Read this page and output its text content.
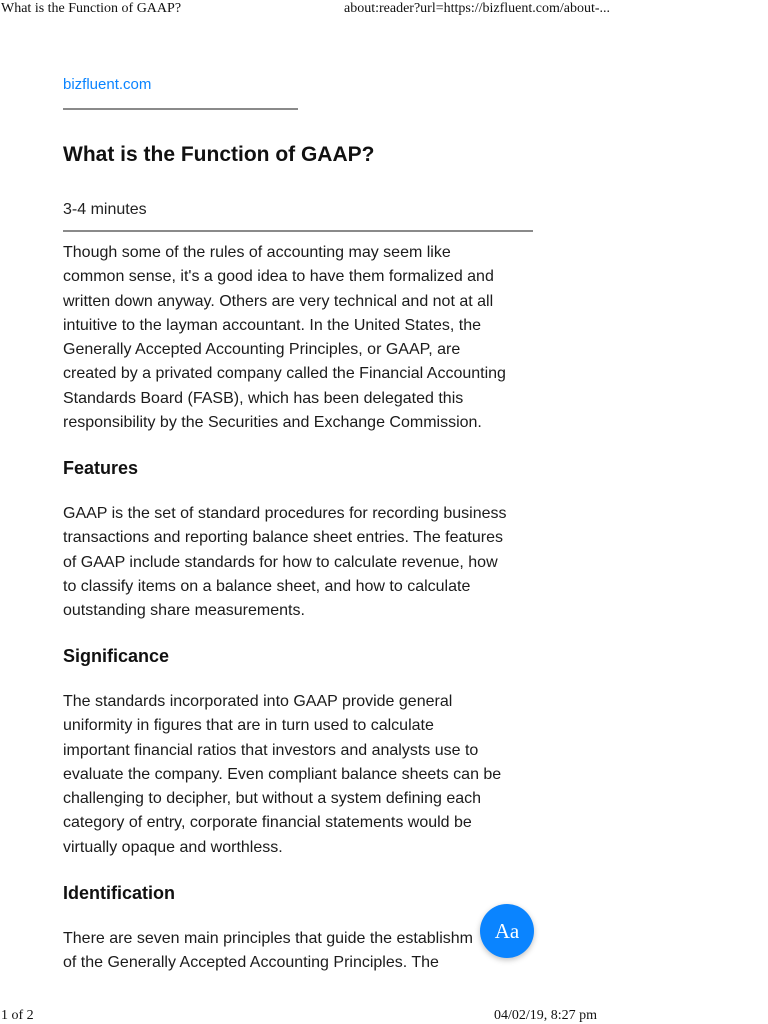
What is the Function of GAAP?	about:reader?url=https://bizfluent.com/about-...
bizfluent.com
What is the Function of GAAP?
3-4 minutes

Though some of the rules of accounting may seem like
common sense, it's a good idea to have them formalized and
written down anyway. Others are very technical and not at all
intuitive to the layman accountant. In the United States, the
Generally Accepted Accounting Principles, or GAAP, are
created by a privated company called the Financial Accounting
Standards Board (FASB), which has been delegated this
responsibility by the Securities and Exchange Commission.

Features

GAAP is the set of standard procedures for recording business
transactions and reporting balance sheet entries. The features
of GAAP include standards for how to calculate revenue, how
to classify items on a balance sheet, and how to calculate
outstanding share measurements.

Significance

The standards incorporated into GAAP provide general
uniformity in figures that are in turn used to calculate
important financial ratios that investors and analysts use to
evaluate the company. Even compliant balance sheets can be
challenging to decipher, but without a system defining each
category of entry, corporate financial statements would be
virtually opaque and worthless.

Identification

There are seven main principles that guide the establishm
of the Generally Accepted Accounting Principles. The

Aa
1 of 2	04/02/19, 8:27 pm
